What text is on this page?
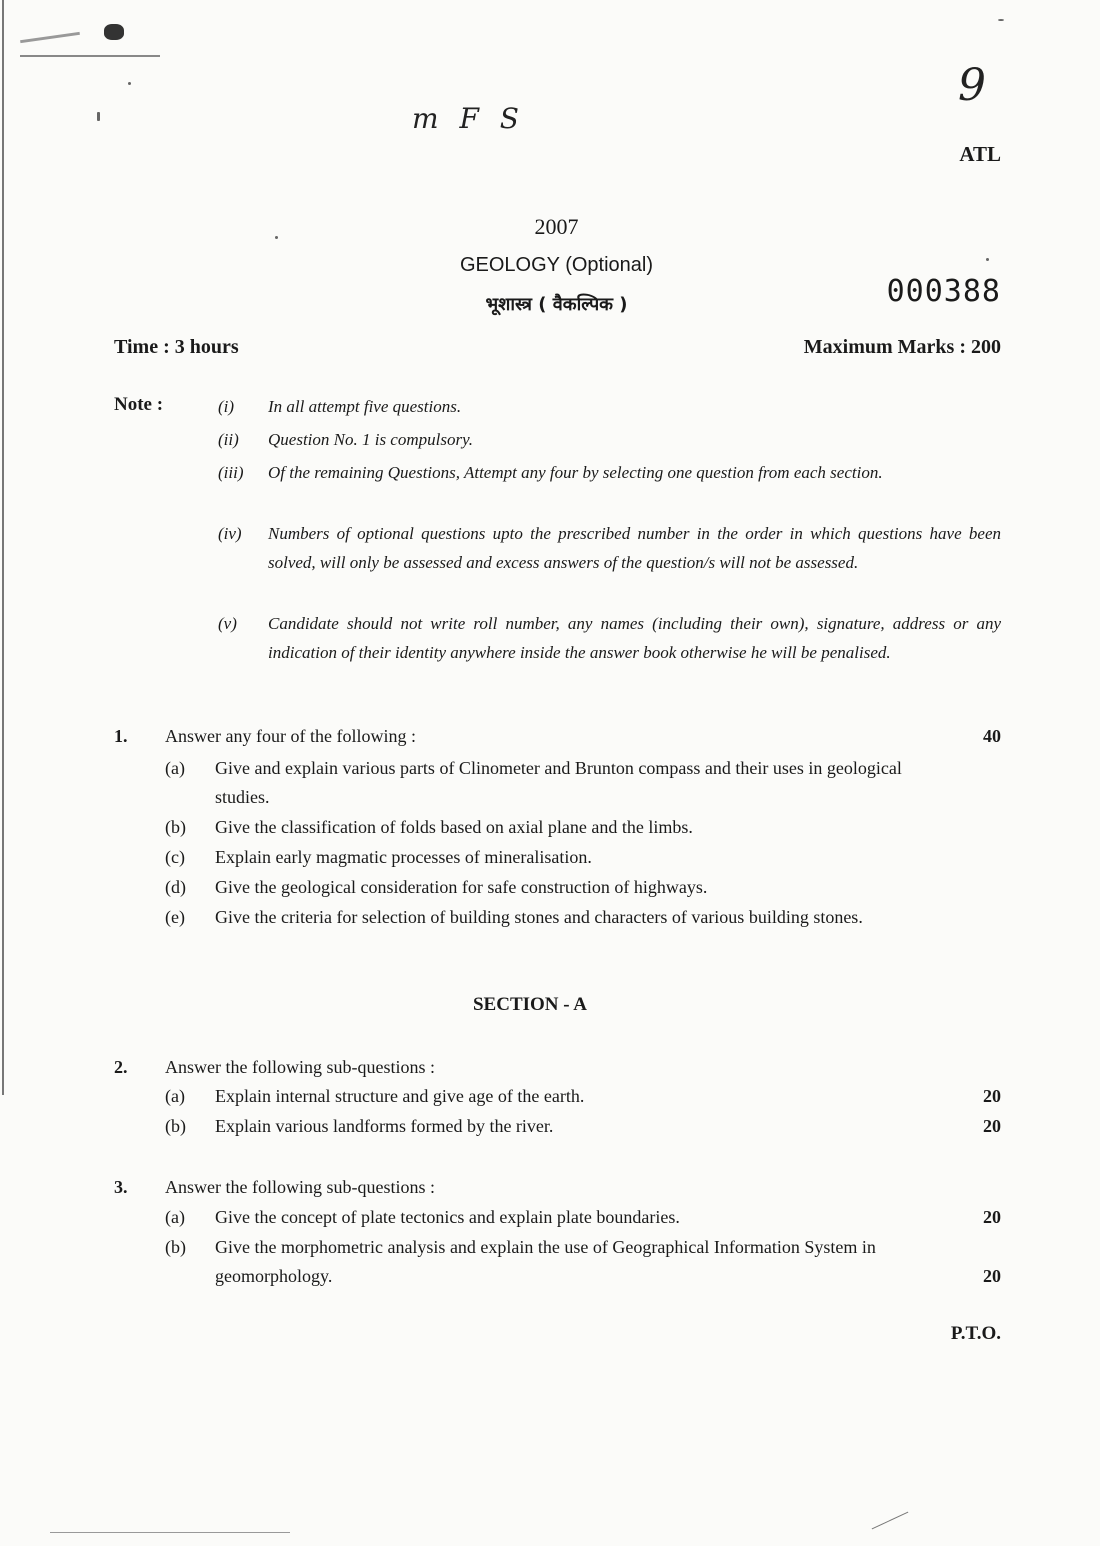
m F S
9
ATL
2007
GEOLOGY (Optional)
भूशास्त्र ( वैकल्पिक )	000388
Time : 3 hours	Maximum Marks : 200
Note :	(i)	In all attempt five questions.
(ii)	Question No. 1 is compulsory.
(iii)	Of the remaining Questions, Attempt any four by selecting one question from each section.
(iv)	Numbers of optional questions upto the prescribed number in the order in which questions have been solved, will only be assessed and excess answers of the question/s will not be assessed.
(v)	Candidate should not write roll number, any names (including their own), signature, address or any indication of their identity anywhere inside the answer book otherwise he will be penalised.
1. Answer any four of the following :	40
(a) Give and explain various parts of Clinometer and Brunton compass and their uses in geological studies.
(b) Give the classification of folds based on axial plane and the limbs.
(c) Explain early magmatic processes of mineralisation.
(d) Give the geological consideration for safe construction of highways.
(e) Give the criteria for selection of building stones and characters of various building stones.
SECTION - A
2. Answer the following sub-questions :
(a) Explain internal structure and give age of the earth.	20
(b) Explain various landforms formed by the river.	20
3. Answer the following sub-questions :
(a) Give the concept of plate tectonics and explain plate boundaries.	20
(b) Give the morphometric analysis and explain the use of Geographical Information System in geomorphology.	20
P.T.O.
